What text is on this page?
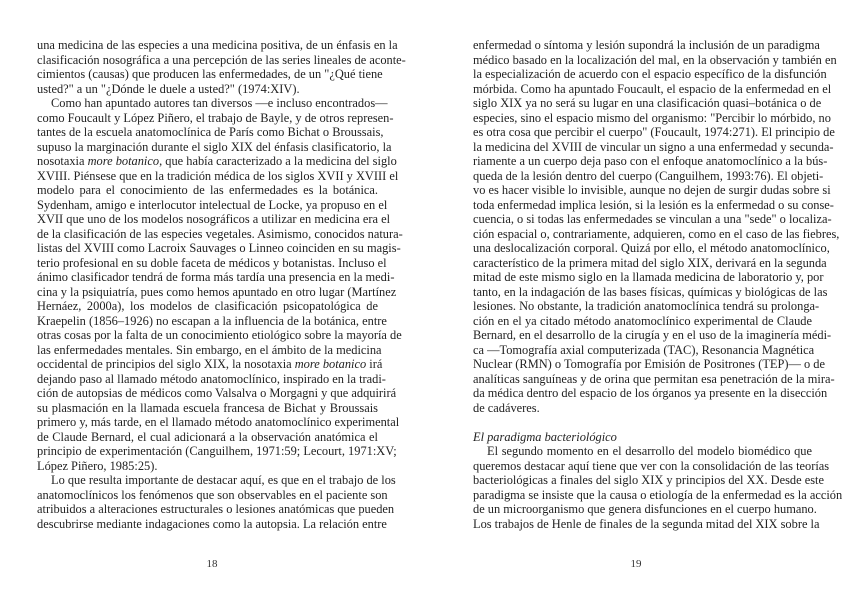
una medicina de las especies a una medicina positiva, de un énfasis en la
clasificación nosográfica a una percepción de las series lineales de aconte-
cimientos (causas) que producen las enfermedades, de un "¿Qué tiene
usted?" a un "¿Dónde le duele a usted?" (1974:XIV).
Como han apuntado autores tan diversos —e incluso encontrados—
como Foucault y López Piñero, el trabajo de Bayle, y de otros represen-
tantes de la escuela anatomoclínica de París como Bichat o Broussais,
supuso la marginación durante el siglo XIX del énfasis clasificatorio, la
nosotaxia more botanico, que había caracterizado a la medicina del siglo
XVIII. Piénsese que en la tradición médica de los siglos XVII y XVIII el
modelo para el conocimiento de las enfermedades es la botánica.
Sydenham, amigo e interlocutor intelectual de Locke, ya propuso en el
XVII que uno de los modelos nosográficos a utilizar en medicina era el
de la clasificación de las especies vegetales. Asimismo, conocidos natura-
listas del XVIII como Lacroix Sauvages o Linneo coinciden en su magis-
terio profesional en su doble faceta de médicos y botanistas. Incluso el
ánimo clasificador tendrá de forma más tardía una presencia en la medi-
cina y la psiquiatría, pues como hemos apuntado en otro lugar (Martínez
Hernáez, 2000a), los modelos de clasificación psicopatológica de
Kraepelin (1856–1926) no escapan a la influencia de la botánica, entre
otras cosas por la falta de un conocimiento etiológico sobre la mayoría de
las enfermedades mentales. Sin embargo, en el ámbito de la medicina
occidental de principios del siglo XIX, la nosotaxia more botanico irá
dejando paso al llamado método anatomoclínico, inspirado en la tradi-
ción de autopsias de médicos como Valsalva o Morgagni y que adquirirá
su plasmación en la llamada escuela francesa de Bichat y Broussais
primero y, más tarde, en el llamado método anatomoclínico experimental
de Claude Bernard, el cual adicionará a la observación anatómica el
principio de experimentación (Canguilhem, 1971:59; Lecourt, 1971:XV;
López Piñero, 1985:25).
Lo que resulta importante de destacar aquí, es que en el trabajo de los
anatomoclínicos los fenómenos que son observables en el paciente son
atribuidos a alteraciones estructurales o lesiones anatómicas que pueden
descubrirse mediante indagaciones como la autopsia. La relación entre
18
enfermedad o síntoma y lesión supondrá la inclusión de un paradigma
médico basado en la localización del mal, en la observación y también en
la especialización de acuerdo con el espacio específico de la disfunción
mórbida. Como ha apuntado Foucault, el espacio de la enfermedad en el
siglo XIX ya no será su lugar en una clasificación quasi–botánica o de
especies, sino el espacio mismo del organismo: "Percibir lo mórbido, no
es otra cosa que percibir el cuerpo" (Foucault, 1974:271). El principio de
la medicina del XVIII de vincular un signo a una enfermedad y secunda-
riamente a un cuerpo deja paso con el enfoque anatomoclínico a la bús-
queda de la lesión dentro del cuerpo (Canguilhem, 1993:76). El objeti-
vo es hacer visible lo invisible, aunque no dejen de surgir dudas sobre si
toda enfermedad implica lesión, si la lesión es la enfermedad o su conse-
cuencia, o si todas las enfermedades se vinculan a una "sede" o localiza-
ción espacial o, contrariamente, adquieren, como en el caso de las fiebres,
una deslocalización corporal. Quizá por ello, el método anatomoclínico,
característico de la primera mitad del siglo XIX, derivará en la segunda
mitad de este mismo siglo en la llamada medicina de laboratorio y, por
tanto, en la indagación de las bases físicas, químicas y biológicas de las
lesiones. No obstante, la tradición anatomoclínica tendrá su prolonga-
ción en el ya citado método anatomoclínico experimental de Claude
Bernard, en el desarrollo de la cirugía y en el uso de la imaginería médi-
ca —Tomografía axial computerizada (TAC), Resonancia Magnética
Nuclear (RMN) o Tomografía por Emisión de Positrones (TEP)— o de
analíticas sanguíneas y de orina que permitan esa penetración de la mira-
da médica dentro del espacio de los órganos ya presente en la disección
de cadáveres.
El paradigma bacteriológico
El segundo momento en el desarrollo del modelo biomédico que
queremos destacar aquí tiene que ver con la consolidación de las teorías
bacteriológicas a finales del siglo XIX y principios del XX. Desde este
paradigma se insiste que la causa o etiología de la enfermedad es la acción
de un microorganismo que genera disfunciones en el cuerpo humano.
Los trabajos de Henle de finales de la segunda mitad del XIX sobre la
19
